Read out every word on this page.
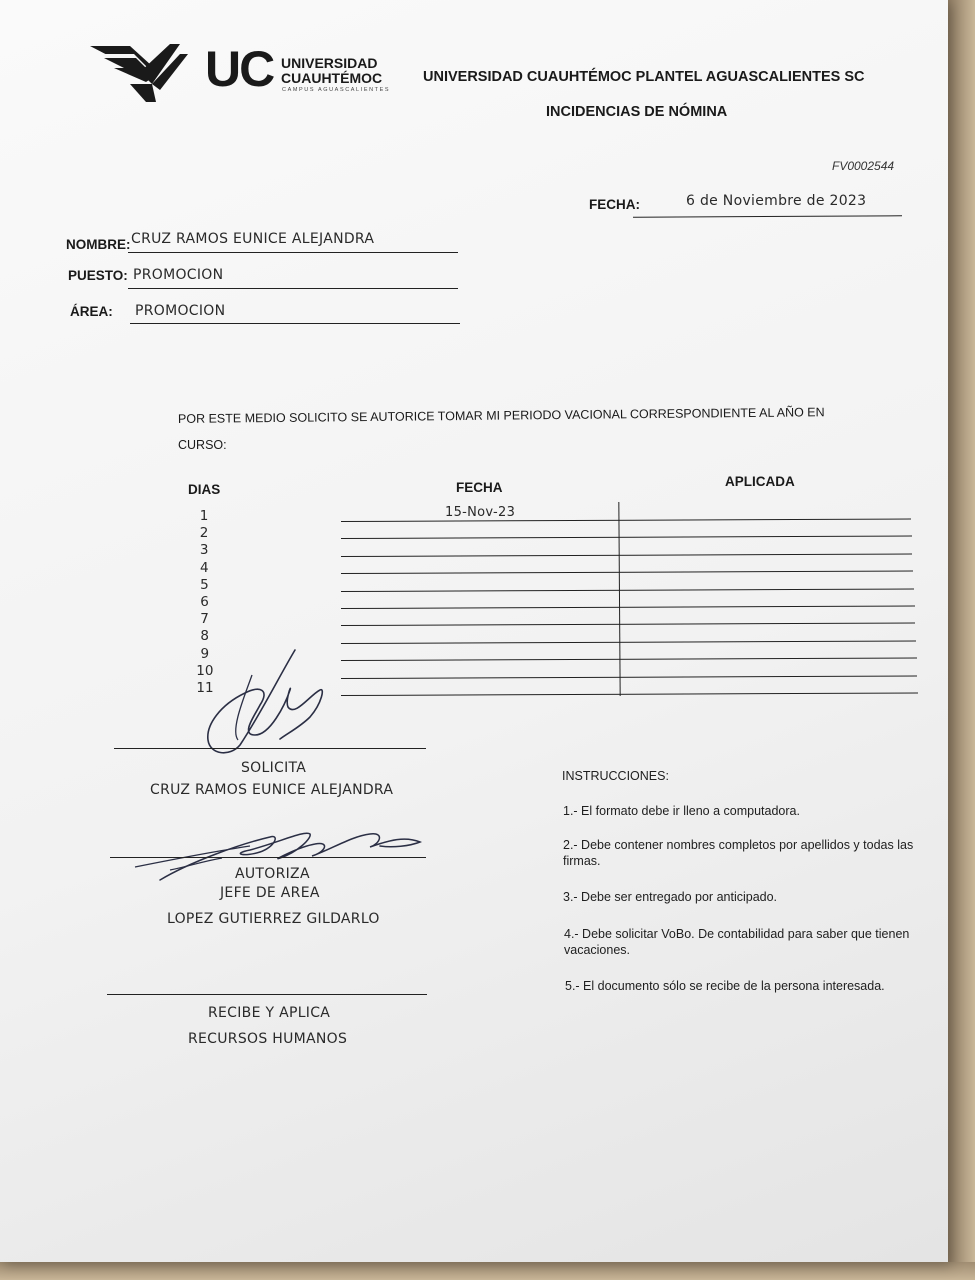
UC UNIVERSIDAD
CUAUHTÉMOC
CAMPUS AGUASCALIENTES
UNIVERSIDAD CUAUHTÉMOC PLANTEL AGUASCALIENTES SC
INCIDENCIAS DE NÓMINA
FV0002544
FECHA:	6 de Noviembre de 2023
NOMBRE: CRUZ RAMOS EUNICE ALEJANDRA
PUESTO: PROMOCION
ÁREA: PROMOCION
POR ESTE MEDIO SOLICITO SE AUTORICE TOMAR MI PERIODO VACIONAL CORRESPONDIENTE AL AÑO EN
CURSO:
DIAS	FECHA	APLICADA
1	15-Nov-23
2
3
4
5
6
7
8
9
10
11
SOLICITA
CRUZ RAMOS EUNICE ALEJANDRA
AUTORIZA
JEFE DE AREA
LOPEZ GUTIERREZ GILDARLO
RECIBE Y APLICA
RECURSOS HUMANOS
INSTRUCCIONES:
1.- El formato debe ir lleno a computadora.
2.- Debe contener nombres completos por apellidos y todas las
firmas.
3.- Debe ser entregado por anticipado.
4.- Debe solicitar VoBo. De contabilidad para saber que tienen
vacaciones.
5.- El documento sólo se recibe de la persona interesada.
